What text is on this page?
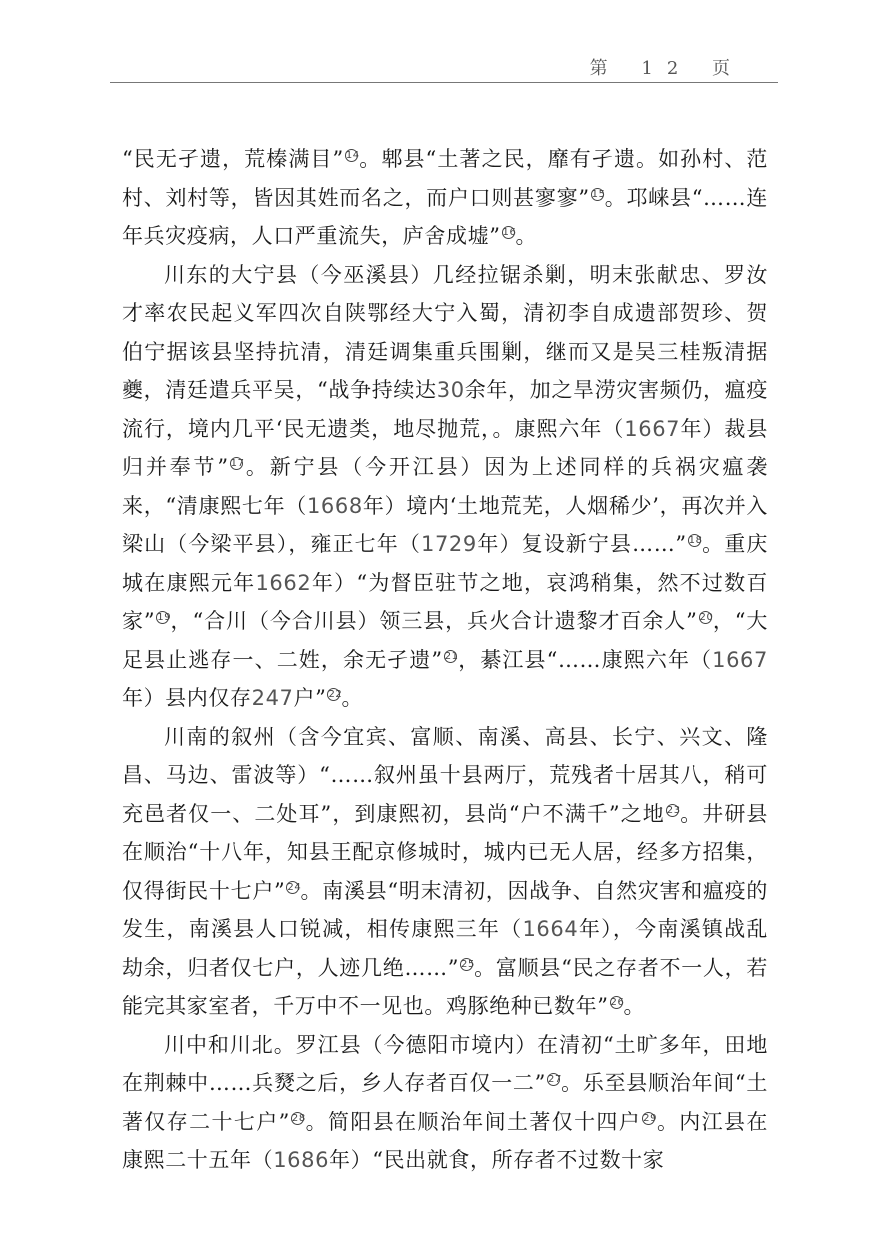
第 12 页

“民无孑遗，荒榛满目” $^{14}$。郫县“土著之民，靡有孑遗。如孙村、范村、刘村等，皆因其姓而名之，而户口则甚寥寥” $^{15}$。邛崃县“……连年兵灾疫病，人口严重流失，庐舍成墟” $^{16}$。

川东的大宁县（今巫溪县）几经拉锯杀剿，明末张献忠、罗汝才率农民起义军四次自陕鄂经大宁入蜀，清初李自成遗部贺珍、贺伯宁据该县坚持抗清，清廷调集重兵围剿，继而又是吴三桂叛清据夔，清廷遣兵平吴，“战争持续达30余年，加之旱涝灾害频仍，瘟疫流行，境内几平‘民无遗类，地尽抛荒，。康熙六年（1667年）裁县归并奉节” $^{17}$。新宁县（今开江县）因为上述同样的兵祸灾瘟袭来，“清康熙七年（1668年）境内‘土地荒芜，人烟稀少’，再次并入梁山（今梁平县），雍正七年（1729年）复设新宁县……” $^{18}$。重庆城在康熙元年1662年）“为督臣驻节之地，哀鸿稍集，然不过数百家” $^{19}$，“合川（今合川县）领三县，兵火合计遗黎才百余人” $^{20}$，“大足县止逃存一、二姓，余无孑遗” $^{21}$，綦江县“……康熙六年（1667年）县内仅存247户” $^{22}$。

川南的叙州（含今宜宾、富顺、南溪、高县、长宁、兴文、隆昌、马边、雷波等）“……叙州虽十县两厅，荒残者十居其八，稍可充邑者仅一、二处耳”，到康熙初，县尚“户不满千”之地 $^{23}$。井研县在顺治“十八年，知县王配京修城时，城内已无人居，经多方招集，仅得街民十七户” $^{24}$。南溪县“明末清初，因战争、自然灾害和瘟疫的发生，南溪县人口锐减，相传康熙三年（1664年），今南溪镇战乱劫余，归者仅七户，人迹几绝……” $^{25}$。富顺县“民之存者不一人，若能完其家室者，千万中不一见也。鸡豚绝种已数年” $^{26}$。

川中和川北。罗江县（今德阳市境内）在清初“土旷多年，田地在荆棘中……兵燹之后，乡人存者百仅一二” $^{27}$。乐至县顺治年间“土著仅存二十七户” $^{28}$。简阳县在顺治年间土著仅十四户 $^{29}$。内江县在康熙二十五年（1686年）“民出就食，所存者不过数十家
